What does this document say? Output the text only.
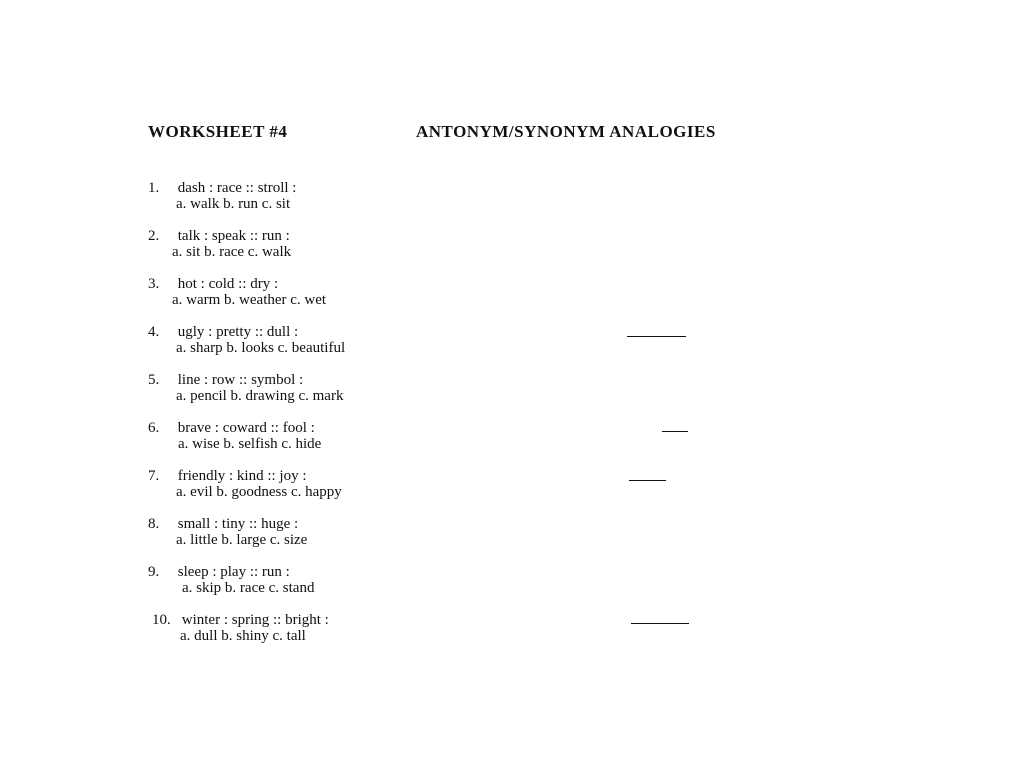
WORKSHEET #4	ANTONYM/SYNONYM ANALOGIES
1. dash : race :: stroll :
a. walk b. run c. sit
2. talk : speak :: run :
a. sit b. race c. walk
3. hot : cold :: dry :
a. warm b. weather c. wet
4. ugly : pretty :: dull :
a. sharp b. looks c. beautiful
5. line : row :: symbol :
a. pencil b. drawing c. mark
6. brave : coward :: fool :
a. wise b. selfish c. hide
7. friendly : kind :: joy :
a. evil b. goodness c. happy
8. small : tiny :: huge :
a. little b. large c. size
9. sleep : play :: run :
a. skip b. race c. stand
10. winter : spring :: bright :
a. dull b. shiny c. tall
